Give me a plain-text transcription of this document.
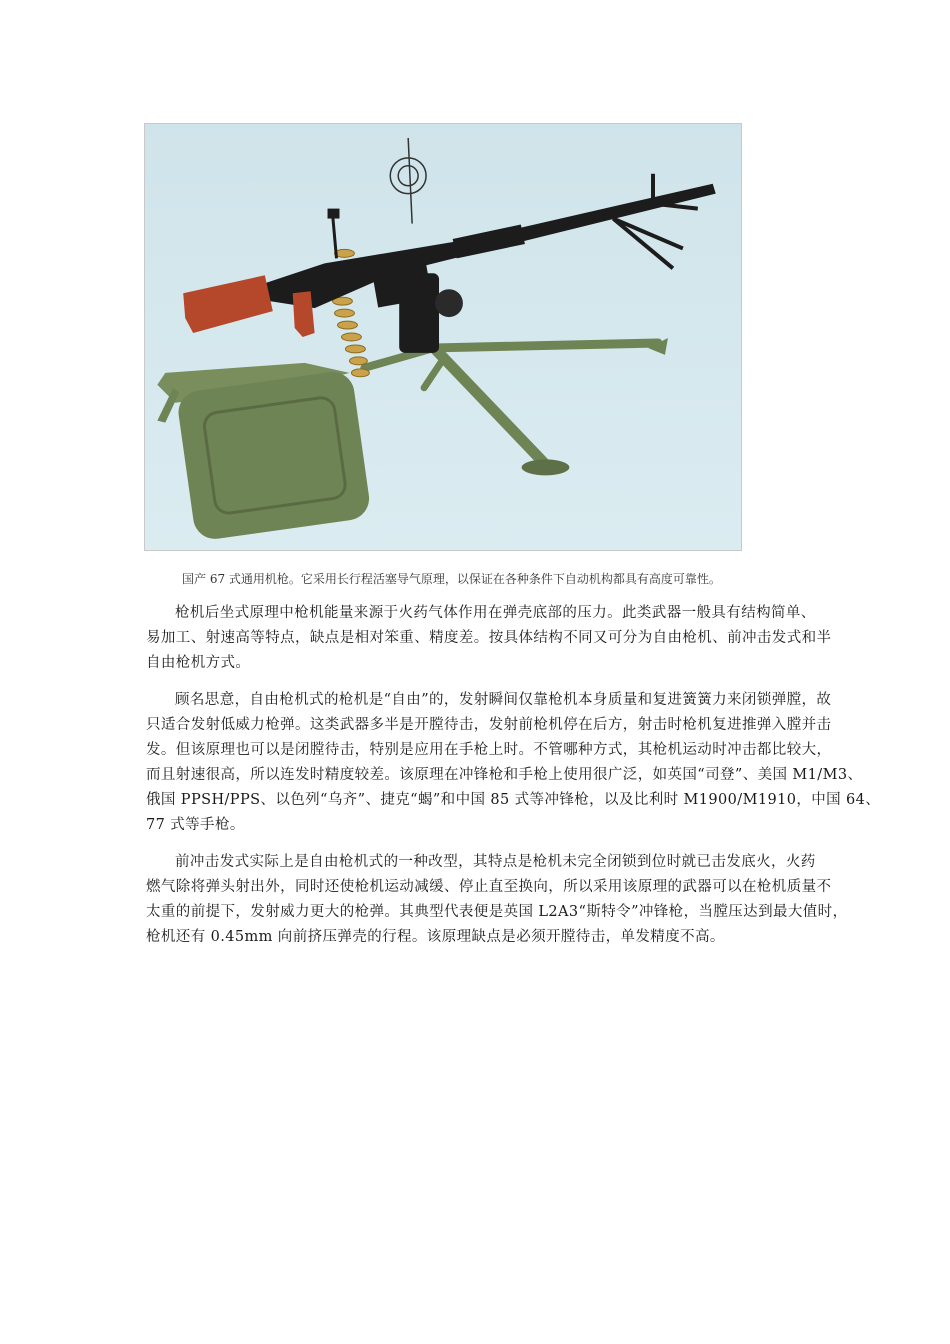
国产 67 式通用机枪。它采用长行程活塞导气原理，以保证在各种条件下自动机构都具有高度可靠性。

枪机后坐式原理中枪机能量来源于火药气体作用在弹壳底部的压力。此类武器一般具有结构简单、
易加工、射速高等特点，缺点是相对笨重、精度差。按具体结构不同又可分为自由枪机、前冲击发式和半
自由枪机方式。

顾名思意，自由枪机式的枪机是“自由”的，发射瞬间仅靠枪机本身质量和复进簧簧力来闭锁弹膛，故
只适合发射低威力枪弹。这类武器多半是开膛待击，发射前枪机停在后方，射击时枪机复进推弹入膛并击
发。但该原理也可以是闭膛待击，特别是应用在手枪上时。不管哪种方式，其枪机运动时冲击都比较大，
而且射速很高，所以连发时精度较差。该原理在冲锋枪和手枪上使用很广泛，如英国“司登”、美国 M1/M3、
俄国 PPSH/PPS、以色列“乌齐”、捷克“蝎”和中国 85 式等冲锋枪，以及比利时 M1900/M1910，中国 64、
77 式等手枪。

前冲击发式实际上是自由枪机式的一种改型，其特点是枪机未完全闭锁到位时就已击发底火，火药
燃气除将弹头射出外，同时还使枪机运动减缓、停止直至换向，所以采用该原理的武器可以在枪机质量不
太重的前提下，发射威力更大的枪弹。其典型代表便是英国 L2A3“斯特令”冲锋枪，当膛压达到最大值时，
枪机还有 0.45mm 向前挤压弹壳的行程。该原理缺点是必须开膛待击，单发精度不高。
